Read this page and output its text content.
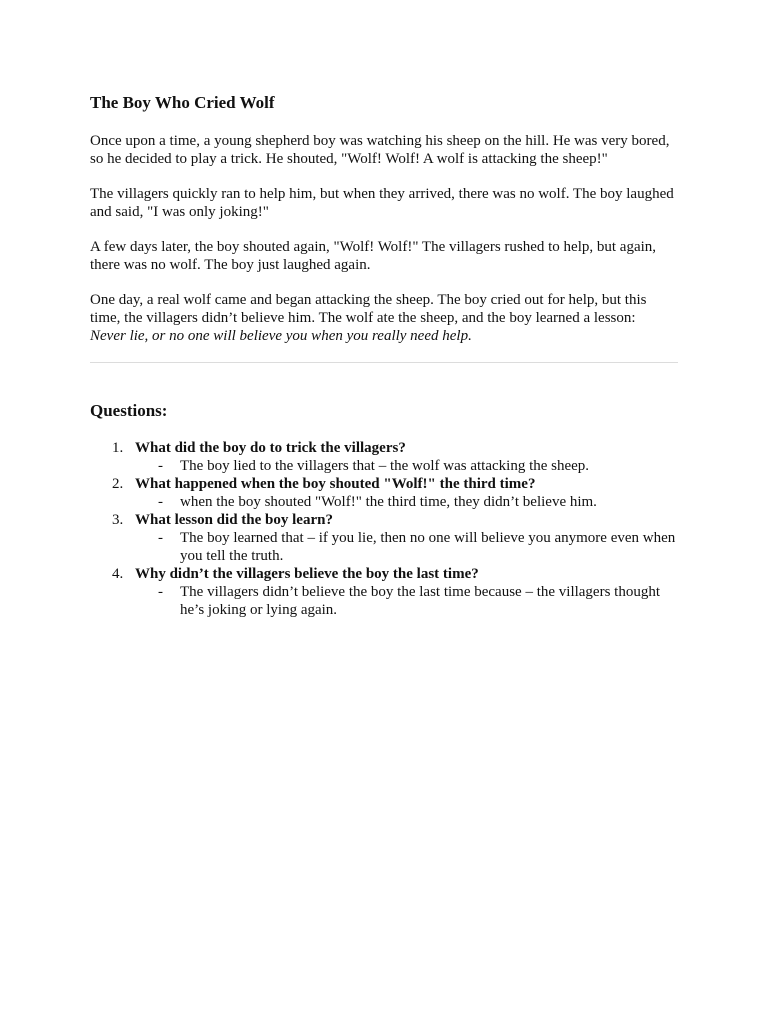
The Boy Who Cried Wolf

Once upon a time, a young shepherd boy was watching his sheep on the hill. He was very bored, so he decided to play a trick. He shouted, "Wolf! Wolf! A wolf is attacking the sheep!"

The villagers quickly ran to help him, but when they arrived, there was no wolf. The boy laughed and said, "I was only joking!"

A few days later, the boy shouted again, "Wolf! Wolf!" The villagers rushed to help, but again, there was no wolf. The boy just laughed again.

One day, a real wolf came and began attacking the sheep. The boy cried out for help, but this time, the villagers didn’t believe him. The wolf ate the sheep, and the boy learned a lesson:
Never lie, or no one will believe you when you really need help.

Questions:
1. What did the boy do to trick the villagers?
- The boy lied to the villagers that – the wolf was attacking the sheep.
2. What happened when the boy shouted "Wolf!" the third time?
- when the boy shouted "Wolf!" the third time, they didn’t believe him.
3. What lesson did the boy learn?
- The boy learned that – if you lie, then no one will believe you anymore even when you tell the truth.
4. Why didn’t the villagers believe the boy the last time?
- The villagers didn’t believe the boy the last time because – the villagers thought he’s joking or lying again.
